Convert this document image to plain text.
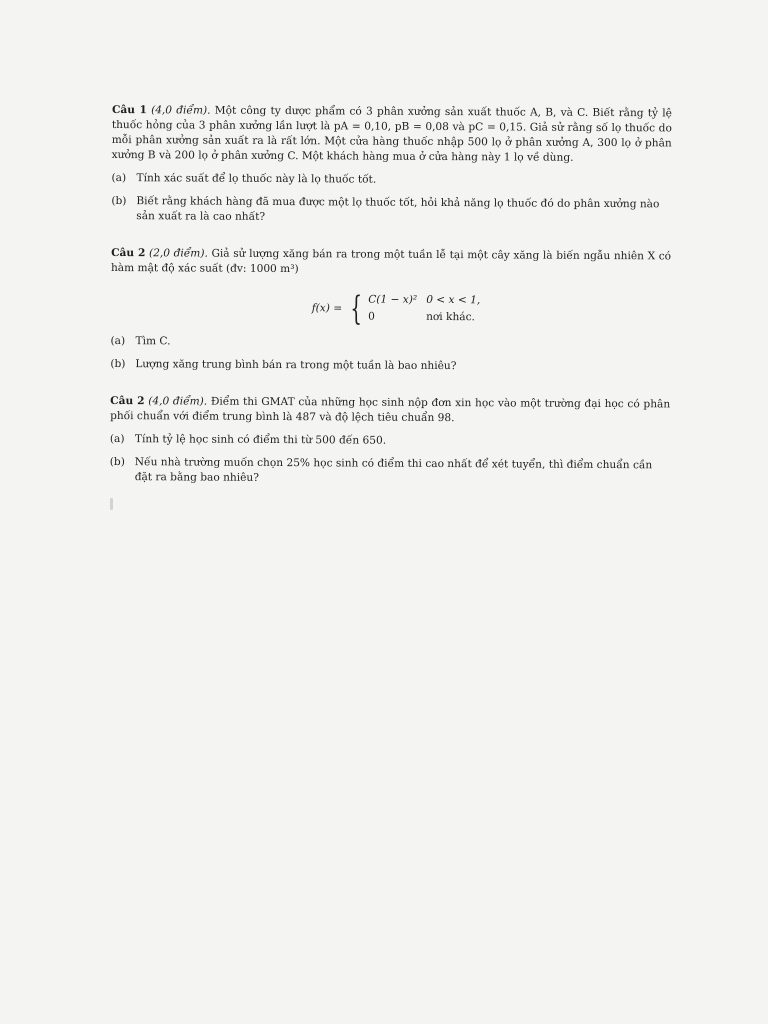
Câu 1 (4,0 điểm). Một công ty dược phẩm có 3 phân xưởng sản xuất thuốc A, B, và C. Biết rằng tỷ lệ thuốc hỏng của 3 phân xưởng lần lượt là pA = 0,10, pB = 0,08 và pC = 0,15. Giả sử rằng số lọ thuốc do mỗi phân xưởng sản xuất ra là rất lớn. Một cửa hàng thuốc nhập 500 lọ ở phân xưởng A, 300 lọ ở phân xưởng B và 200 lọ ở phân xưởng C. Một khách hàng mua ở cửa hàng này 1 lọ về dùng.

(a) Tính xác suất để lọ thuốc này là lọ thuốc tốt.
(b) Biết rằng khách hàng đã mua được một lọ thuốc tốt, hỏi khả năng lọ thuốc đó do phân xưởng nào sản xuất ra là cao nhất?

Câu 2 (2,0 điểm). Giả sử lượng xăng bán ra trong một tuần lễ tại một cây xăng là biến ngẫu nhiên X có hàm mật độ xác suất (đv: 1000 m³)

f(x) = { C(1 − x)² 0 < x < 1,
0	nơi khác.
(a) Tìm C.
(b) Lượng xăng trung bình bán ra trong một tuần là bao nhiêu?

Câu 2 (4,0 điểm). Điểm thi GMAT của những học sinh nộp đơn xin học vào một trường đại học có phân phối chuẩn với điểm trung bình là 487 và độ lệch tiêu chuẩn 98.

(a) Tính tỷ lệ học sinh có điểm thi từ 500 đến 650.
(b) Nếu nhà trường muốn chọn 25% học sinh có điểm thi cao nhất để xét tuyển, thì điểm chuẩn cần đặt ra bằng bao nhiêu?
